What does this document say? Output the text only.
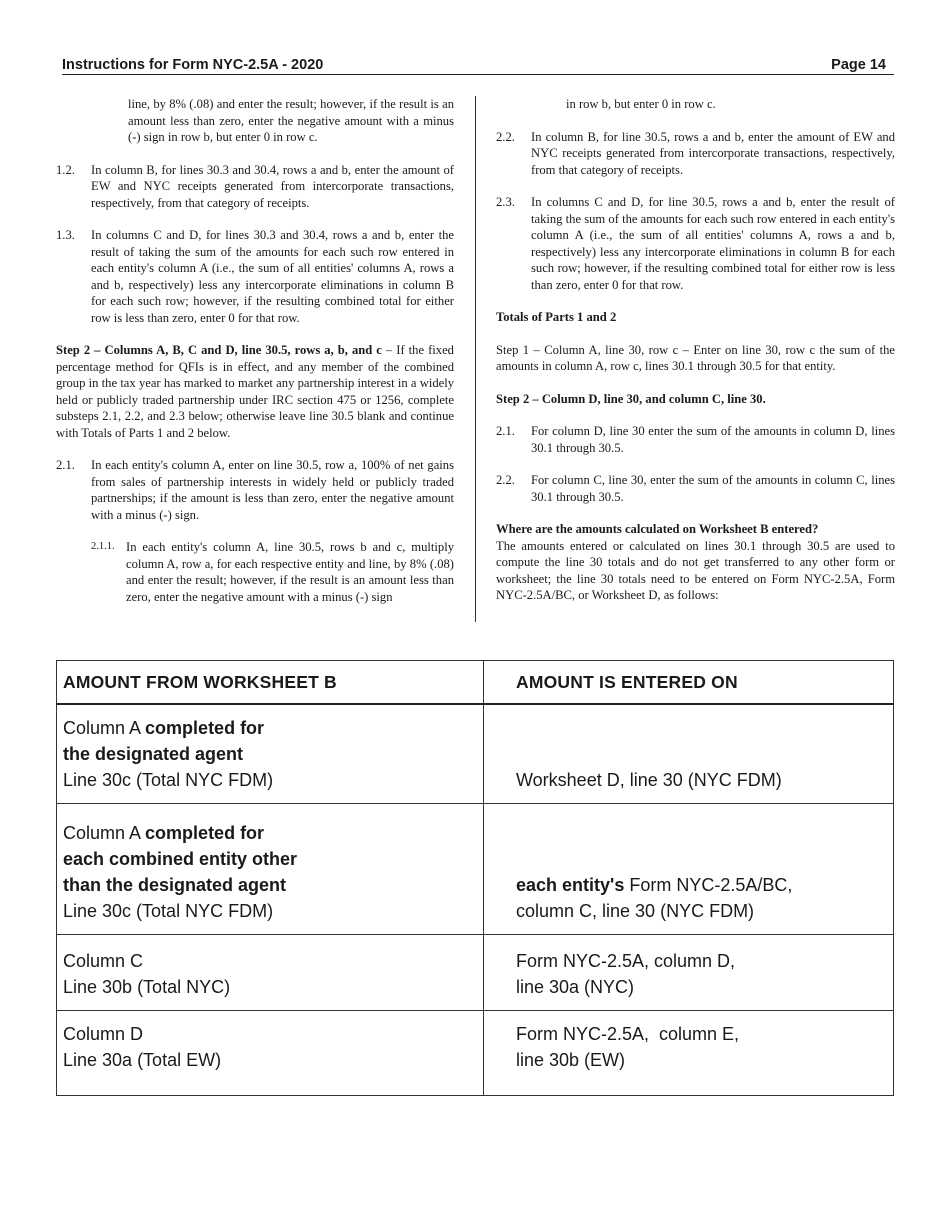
Instructions for Form NYC-2.5A - 2020	Page 14

line, by 8% (.08) and enter the result; however, if the result is an amount less than zero, enter the negative amount with a minus (-) sign in row b, but enter 0 in row c.

1.2. In column B, for lines 30.3 and 30.4, rows a and b, enter the amount of EW and NYC receipts generated from intercorporate transactions, respectively, from that category of receipts.

1.3. In columns C and D, for lines 30.3 and 30.4, rows a and b, enter the result of taking the sum of the amounts for each such row entered in each entity's column A (i.e., the sum of all entities' columns A, rows a and b, respectively) less any intercorporate eliminations in column B for each such row; however, if the resulting combined total for either row is less than zero, enter 0 for that row.

Step 2 – Columns A, B, C and D, line 30.5, rows a, b, and c – If the fixed percentage method for QFIs is in effect, and any member of the combined group in the tax year has marked to market any partnership interest in a widely held or publicly traded partnership under IRC section 475 or 1256, complete substeps 2.1, 2.2, and 2.3 below; otherwise leave line 30.5 blank and continue with Totals of Parts 1 and 2 below.

2.1. In each entity's column A, enter on line 30.5, row a, 100% of net gains from sales of partnership interests in widely held or publicly traded partnerships; if the amount is less than zero, enter the negative amount with a minus (-) sign.

2.1.1. In each entity's column A, line 30.5, rows b and c, multiply column A, row a, for each respective entity and line, by 8% (.08) and enter the result; however, if the result is an amount less than zero, enter the negative amount with a minus (-) sign

in row b, but enter 0 in row c.

2.2. In column B, for line 30.5, rows a and b, enter the amount of EW and NYC receipts generated from intercorporate transactions, respectively, from that category of receipts.

2.3. In columns C and D, for line 30.5, rows a and b, enter the result of taking the sum of the amounts for each such row entered in each entity's column A (i.e., the sum of all entities' columns A, rows a and b, respectively) less any intercorporate eliminations in column B for each such row; however, if the resulting combined total for either row is less than zero, enter 0 for that row.

Totals of Parts 1 and 2

Step 1 – Column A, line 30, row c – Enter on line 30, row c the sum of the amounts in column A, row c, lines 30.1 through 30.5 for that entity.

Step 2 – Column D, line 30, and column C, line 30.

2.1. For column D, line 30 enter the sum of the amounts in column D, lines 30.1 through 30.5.

2.2. For column C, line 30, enter the sum of the amounts in column C, lines 30.1 through 30.5.

Where are the amounts calculated on Worksheet B entered?

The amounts entered or calculated on lines 30.1 through 30.5 are used to compute the line 30 totals and do not get transferred to any other form or worksheet; the line 30 totals need to be entered on Form NYC-2.5A, Form NYC-2.5A/BC, or Worksheet D, as follows:

AMOUNT FROM WORKSHEET B	AMOUNT IS ENTERED ON

Column A completed for
the designated agent
Line 30c (Total NYC FDM)	Worksheet D, line 30 (NYC FDM)

Column A completed for
each combined entity other
than the designated agent
Line 30c (Total NYC FDM)	each entity's Form NYC-2.5A/BC,
column C, line 30 (NYC FDM)

Column C
Line 30b (Total NYC)	Form NYC-2.5A, column D,
line 30a (NYC)

Column D
Line 30a (Total EW)	Form NYC-2.5A,  column E,
line 30b (EW)
